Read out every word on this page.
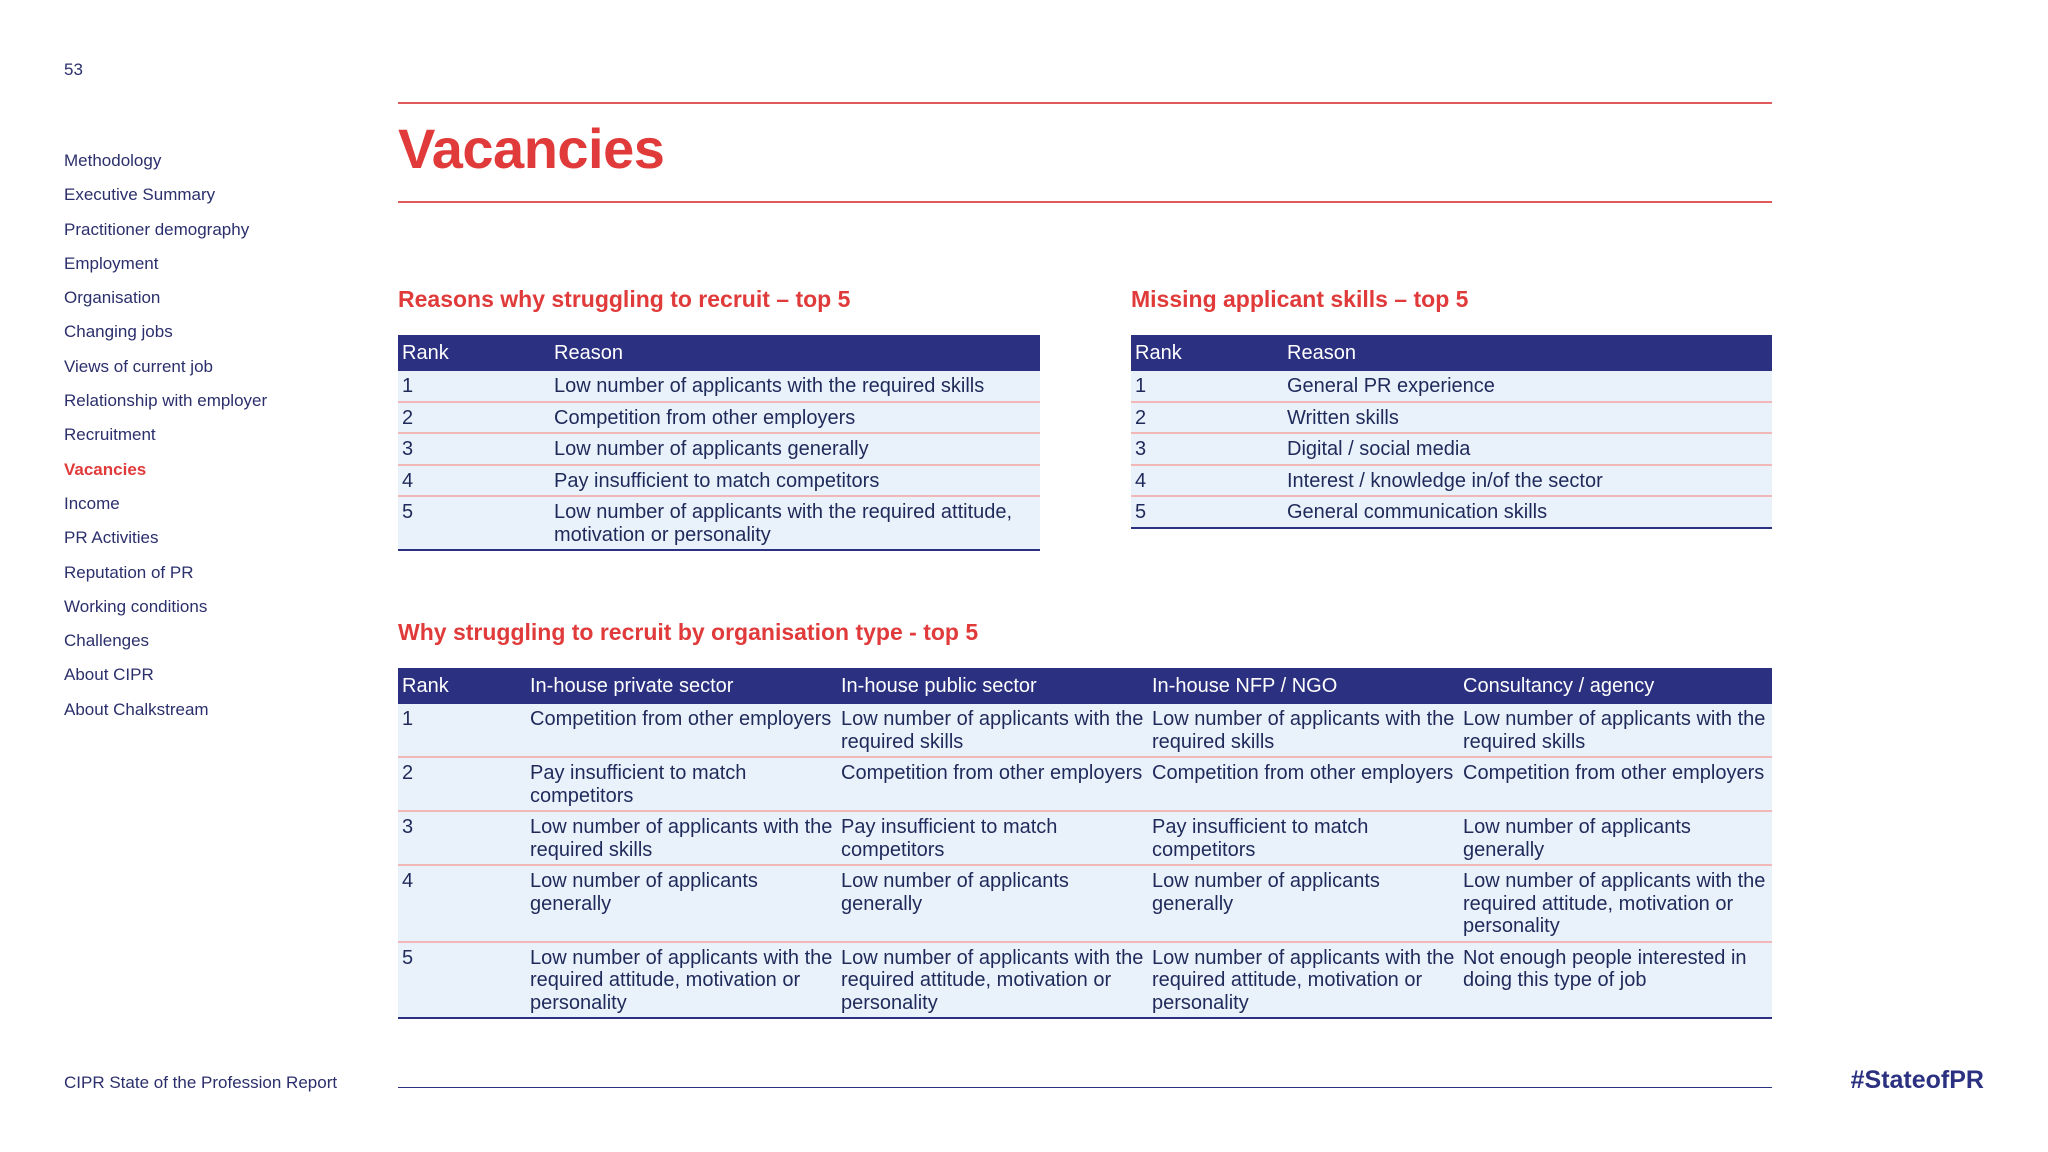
53
Methodology
Executive Summary
Practitioner demography
Employment
Organisation
Changing jobs
Views of current job
Relationship with employer
Recruitment
Vacancies
Income
PR Activities
Reputation of PR
Working conditions
Challenges
About CIPR
About Chalkstream
Vacancies
Reasons why struggling to recruit – top 5
Rank	Reason
1	Low number of applicants with the required skills
2	Competition from other employers
3	Low number of applicants generally
4	Pay insufficient to match competitors
5	Low number of applicants with the required attitude, motivation or personality
Missing applicant skills – top 5
Rank	Reason
1	General PR experience
2	Written skills
3	Digital / social media
4	Interest / knowledge in/of the sector
5	General communication skills
Why struggling to recruit by organisation type - top 5
Rank	In-house private sector	In-house public sector	In-house NFP / NGO	Consultancy / agency
1	Competition from other employers	Low number of applicants with the required skills	Low number of applicants with the required skills	Low number of applicants with the required skills
2	Pay insufficient to match competitors	Competition from other employers	Competition from other employers	Competition from other employers
3	Low number of applicants with the required skills	Pay insufficient to match competitors	Pay insufficient to match competitors	Low number of applicants generally
4	Low number of applicants generally	Low number of applicants generally	Low number of applicants generally	Low number of applicants with the required attitude, motivation or personality
5	Low number of applicants with the required attitude, motivation or personality	Low number of applicants with the required attitude, motivation or personality	Low number of applicants with the required attitude, motivation or personality	Not enough people interested in doing this type of job
CIPR State of the Profession Report	#StateofPR
